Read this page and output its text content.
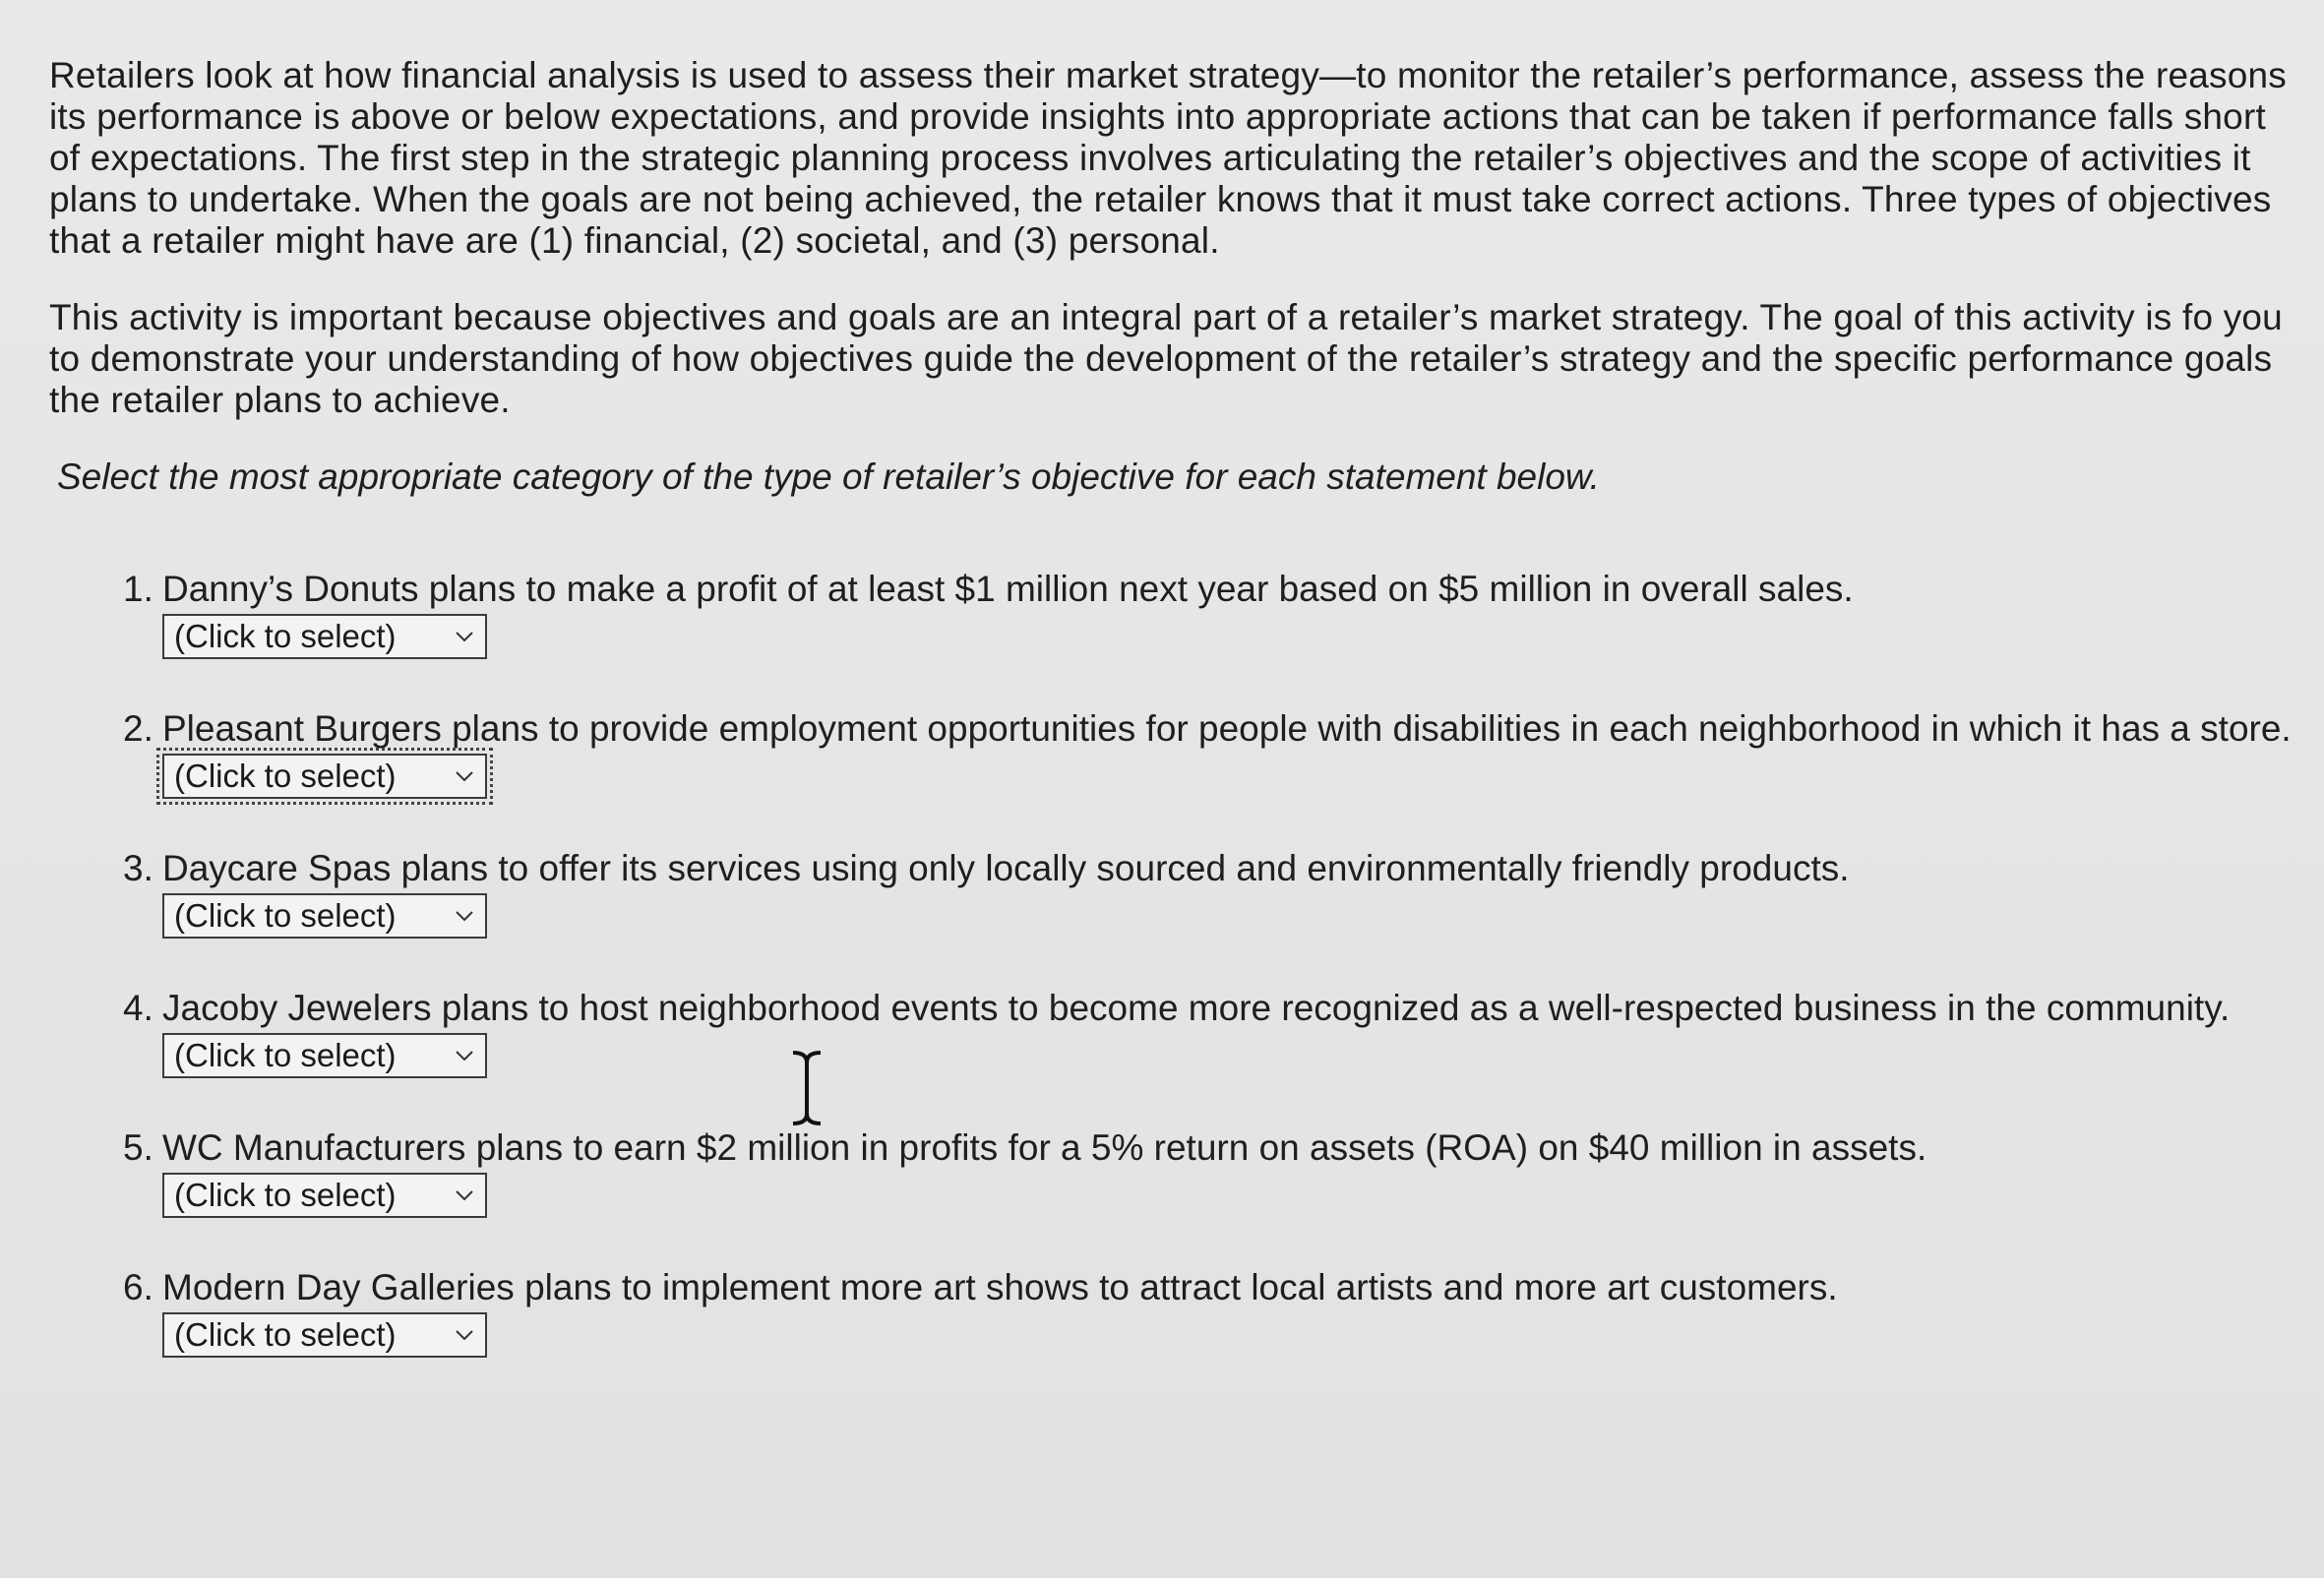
Retailers look at how financial analysis is used to assess their market strategy—to monitor the retailer’s performance, assess the reasons its performance is above or below expectations, and provide insights into appropriate actions that can be taken if performance falls short of expectations. The first step in the strategic planning process involves articulating the retailer’s objectives and the scope of activities it plans to undertake. When the goals are not being achieved, the retailer knows that it must take correct actions. Three types of objectives that a retailer might have are (1) financial, (2) societal, and (3) personal.

This activity is important because objectives and goals are an integral part of a retailer’s market strategy. The goal of this activity is fo you to demonstrate your understanding of how objectives guide the development of the retailer’s strategy and the specific performance goals the retailer plans to achieve.

Select the most appropriate category of the type of retailer’s objective for each statement below.

1. Danny’s Donuts plans to make a profit of at least $1 million next year based on $5 million in overall sales.
(Click to select)
2. Pleasant Burgers plans to provide employment opportunities for people with disabilities in each neighborhood in which it has a store.
(Click to select)
3. Daycare Spas plans to offer its services using only locally sourced and environmentally friendly products.
(Click to select)
4. Jacoby Jewelers plans to host neighborhood events to become more recognized as a well-respected business in the community.
(Click to select)
5. WC Manufacturers plans to earn $2 million in profits for a 5% return on assets (ROA) on $40 million in assets.
(Click to select)
6. Modern Day Galleries plans to implement more art shows to attract local artists and more art customers.
(Click to select)
